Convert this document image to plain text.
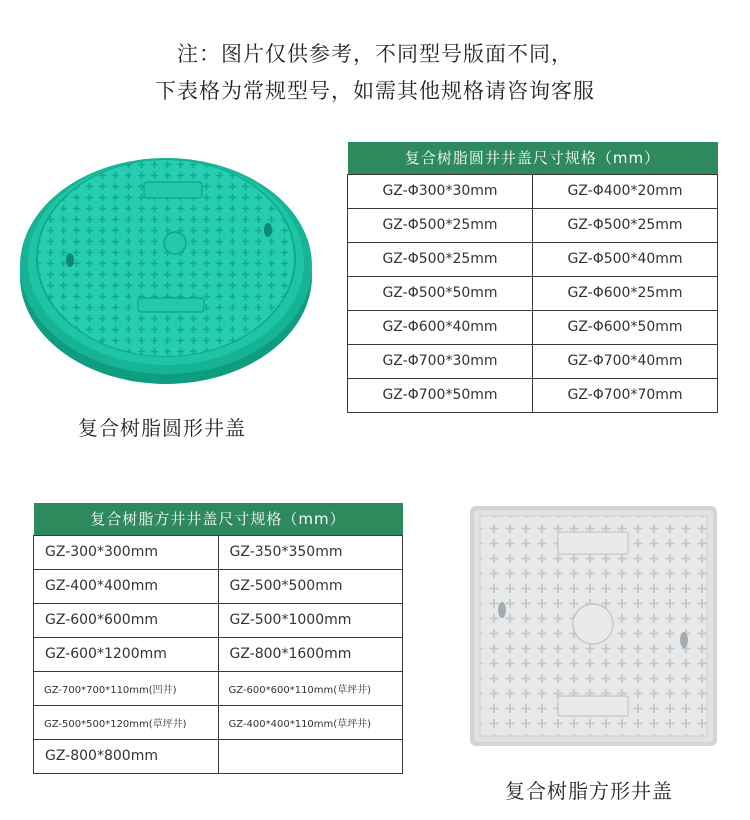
注：图片仅供参考，不同型号版面不同，
下表格为常规型号，如需其他规格请咨询客服
复合树脂圆井井盖尺寸规格（mm）	
GZ-Φ300*30mm	GZ-Φ400*20mm
GZ-Φ500*25mm	GZ-Φ500*25mm
GZ-Φ500*25mm	GZ-Φ500*40mm
GZ-Φ500*50mm	GZ-Φ600*25mm
GZ-Φ600*40mm	GZ-Φ600*50mm
GZ-Φ700*30mm	GZ-Φ700*40mm
GZ-Φ700*50mm	GZ-Φ700*70mm
复合树脂圆形井盖
复合树脂方井井盖尺寸规格（mm）	
GZ-300*300mm	GZ-350*350mm
GZ-400*400mm	GZ-500*500mm
GZ-600*600mm	GZ-500*1000mm
GZ-600*1200mm	GZ-800*1600mm
GZ-700*700*110mm(凹井)	GZ-600*600*110mm(草坪井)
GZ-500*500*120mm(草坪井)	GZ-400*400*110mm(草坪井)
GZ-800*800mm	
复合树脂方形井盖
